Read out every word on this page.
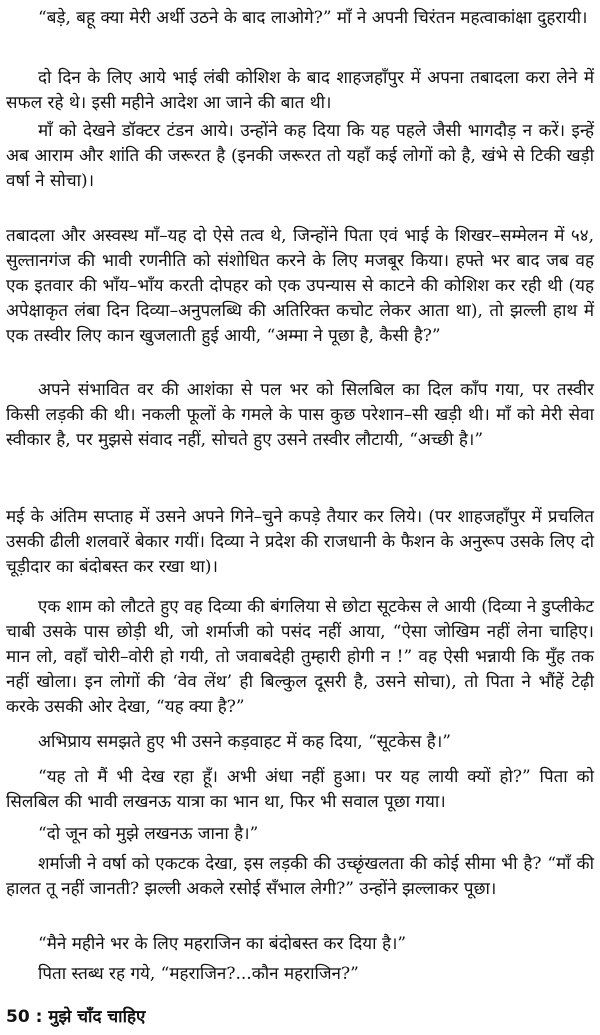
“बड़े, बहू क्या मेरी अर्थी उठने के बाद लाओगे?” माँ ने अपनी चिरंतन महत्वाकांक्षा दुहरायी।

दो दिन के लिए आये भाई लंबी कोशिश के बाद शाहजहाँपुर में अपना तबादला करा लेने में सफल रहे थे। इसी महीने आदेश आ जाने की बात थी।

माँ को देखने डॉक्टर टंडन आये। उन्होंने कह दिया कि यह पहले जैसी भागदौड़ न करें। इन्हें अब आराम और शांति की जरूरत है (इनकी जरूरत तो यहाँ कई लोगों को है, खंभे से टिकी खड़ी वर्षा ने सोचा)।

तबादला और अस्वस्थ माँ–यह दो ऐसे तत्व थे, जिन्होंने पिता एवं भाई के शिखर–सम्मेलन में ५४, सुल्तानगंज की भावी रणनीति को संशोधित करने के लिए मजबूर किया। हफ्ते भर बाद जब वह एक इतवार की भाँय–भाँय करती दोपहर को एक उपन्यास से काटने की कोशिश कर रही थी (यह अपेक्षाकृत लंबा दिन दिव्या–अनुपलब्धि की अतिरिक्त कचोट लेकर आता था), तो झल्ली हाथ में एक तस्वीर लिए कान खुजलाती हुई आयी, “अम्मा ने पूछा है, कैसी है?”

अपने संभावित वर की आशंका से पल भर को सिलबिल का दिल काँप गया, पर तस्वीर किसी लड़की की थी। नकली फूलों के गमले के पास कुछ परेशान–सी खड़ी थी। माँ को मेरी सेवा स्वीकार है, पर मुझसे संवाद नहीं, सोचते हुए उसने तस्वीर लौटायी, “अच्छी है।”

मई के अंतिम सप्ताह में उसने अपने गिने–चुने कपड़े तैयार कर लिये। (पर शाहजहाँपुर में प्रचलित उसकी ढीली शलवारें बेकार गयीं। दिव्या ने प्रदेश की राजधानी के फैशन के अनुरूप उसके लिए दो चूड़ीदार का बंदोबस्त कर रखा था)।

एक शाम को लौटते हुए वह दिव्या की बंगलिया से छोटा सूटकेस ले आयी (दिव्या ने डुप्लीकेट चाबी उसके पास छोड़ी थी, जो शर्माजी को पसंद नहीं आया, “ऐसा जोखिम नहीं लेना चाहिए। मान लो, वहाँ चोरी–वोरी हो गयी, तो जवाबदेही तुम्हारी होगी न !” वह ऐसी भन्नायी कि मुँह तक नहीं खोला। इन लोगों की ‘वेव लेंथ’ ही बिल्कुल दूसरी है, उसने सोचा), तो पिता ने भौंहें टेढ़ी करके उसकी ओर देखा, “यह क्या है?”

अभिप्राय समझते हुए भी उसने कड़वाहट में कह दिया, “सूटकेस है।”

“यह तो मैं भी देख रहा हूँ। अभी अंधा नहीं हुआ। पर यह लायी क्यों हो?” पिता को सिलबिल की भावी लखनऊ यात्रा का भान था, फिर भी सवाल पूछा गया।

“दो जून को मुझे लखनऊ जाना है।”

शर्माजी ने वर्षा को एकटक देखा, इस लड़की की उच्छृंखलता की कोई सीमा भी है? “माँ की हालत तू नहीं जानती? झल्ली अकले रसोई सँभाल लेगी?” उन्होंने झल्लाकर पूछा।

“मैने महीने भर के लिए महराजिन का बंदोबस्त कर दिया है।”

पिता स्तब्ध रह गये, “महराजिन?...कौन महराजिन?”

50 : मुझे चाँद चाहिए
